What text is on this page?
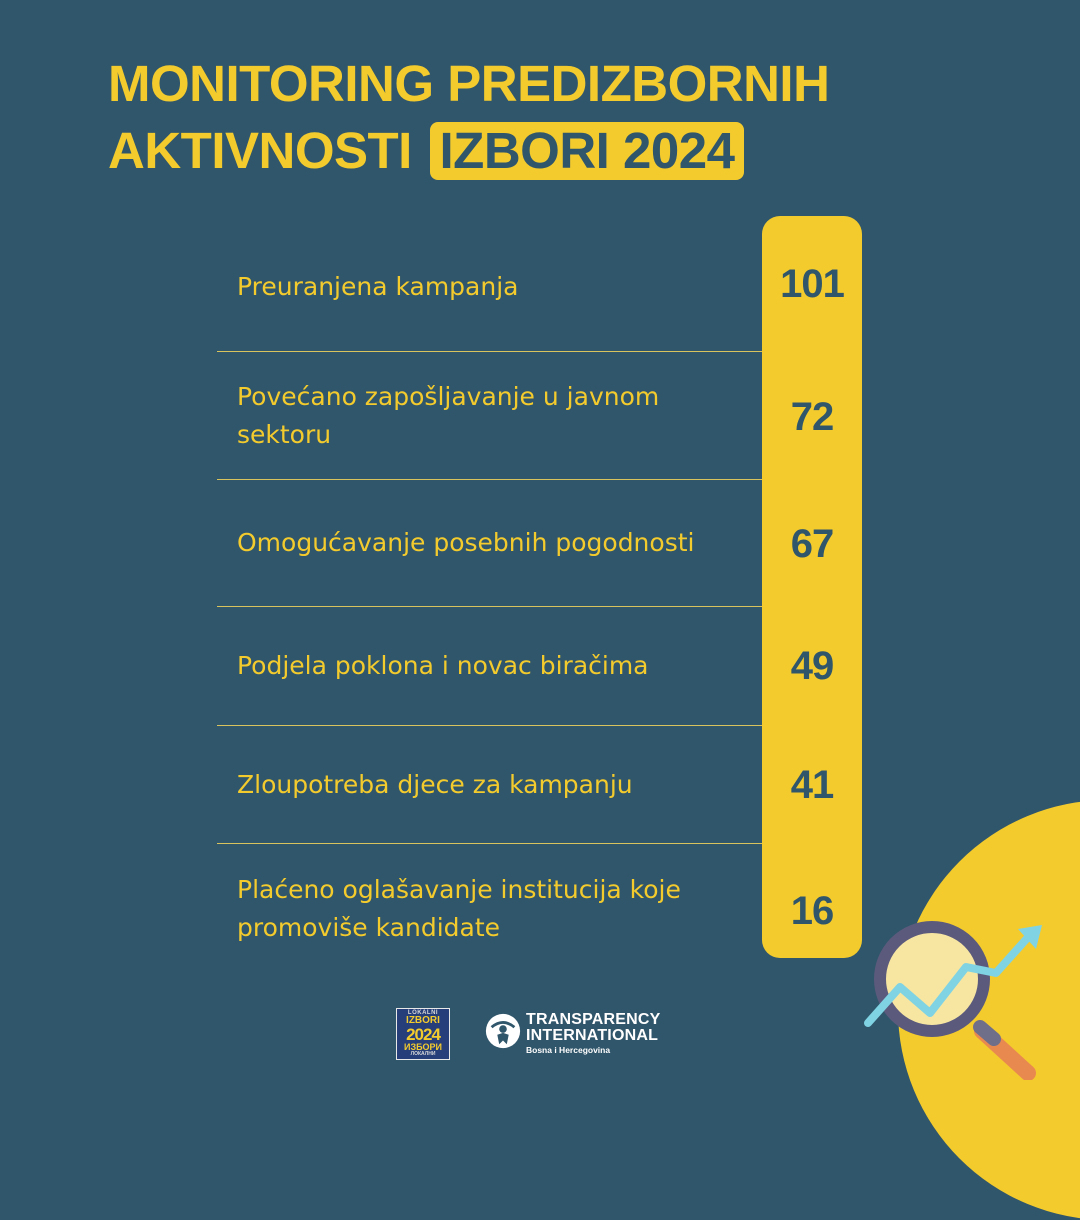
MONITORING PREDIZBORNIH
AKTIVNOSTI IZBORI 2024
Preuranjena kampanja
Povećano zapošljavanje u javnom sektoru
Omogućavanje posebnih pogodnosti
Podjela poklona i novac biračima
Zloupotreba djece za kampanju
Plaćeno oglašavanje institucija koje promoviše kandidate
101
72
67
49
41
16
LOKALNI
IZBORI
2024
ИЗБОРИ
ЛОКАЛНИ
TRANSPARENCY
INTERNATIONAL
Bosna i Hercegovina
